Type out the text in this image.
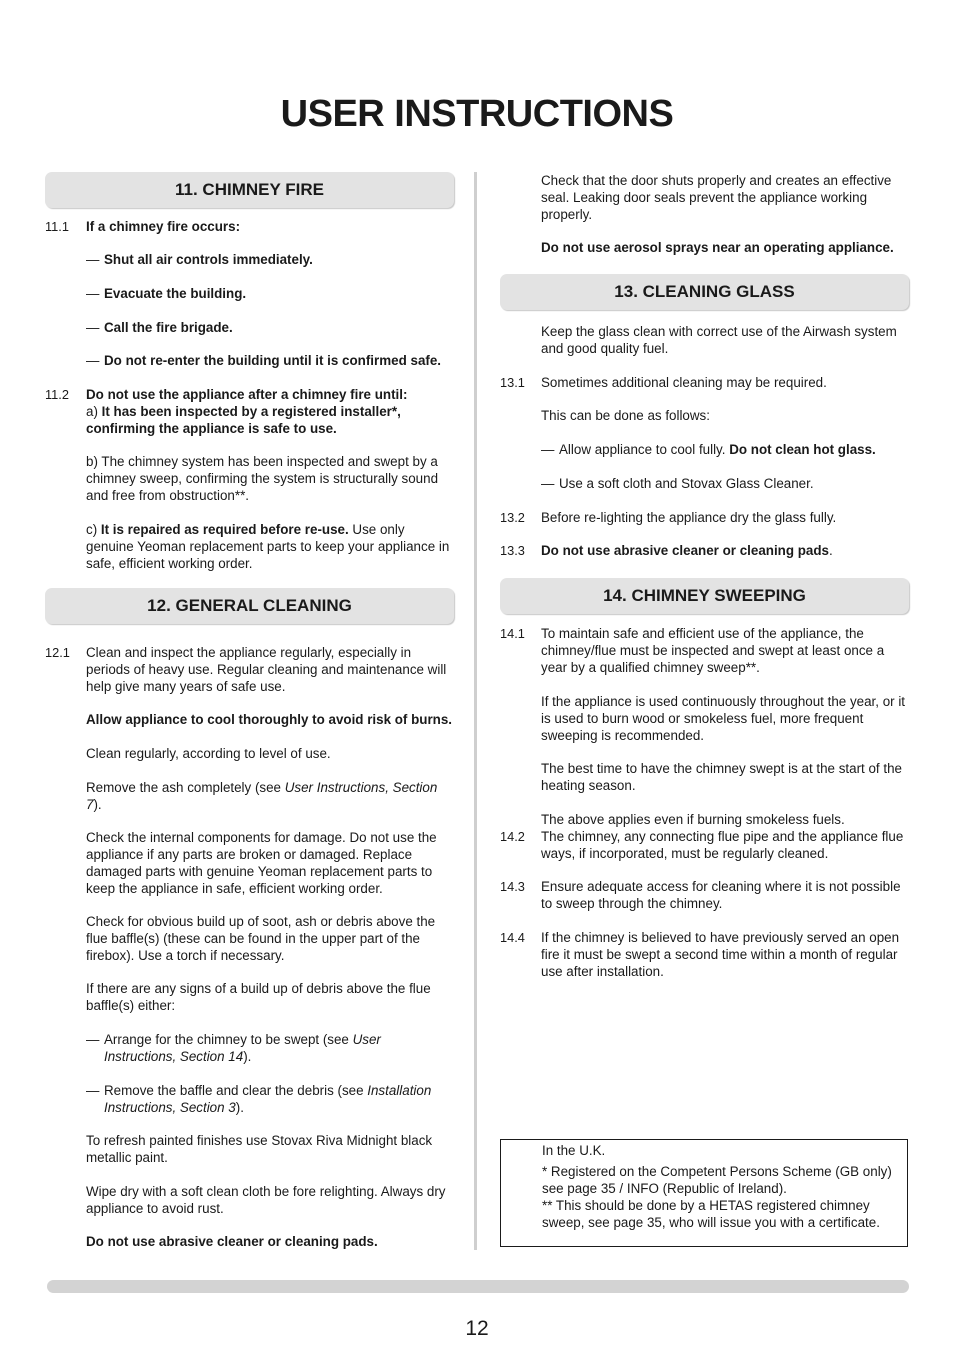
USER INSTRUCTIONS
11. CHIMNEY FIRE
11.1	If a chimney fire occurs:
— Shut all air controls immediately.
— Evacuate the building.
— Call the fire brigade.
— Do not re-enter the building until it is confirmed safe.
11.2	Do not use the appliance after a chimney fire until:
a) It has been inspected by a registered installer*, confirming the appliance is safe to use.
b) The chimney system has been inspected and swept by a chimney sweep, confirming the system is structurally sound and free from obstruction**.
c) It is repaired as required before re-use. Use only genuine Yeoman replacement parts to keep your appliance in safe, efficient working order.
12. GENERAL CLEANING
12.1	Clean and inspect the appliance regularly, especially in periods of heavy use. Regular cleaning and maintenance will help give many years of safe use.
Allow appliance to cool thoroughly to avoid risk of burns.
Clean regularly, according to level of use.
Remove the ash completely (see User Instructions, Section 7).
Check the internal components for damage. Do not use the appliance if any parts are broken or damaged. Replace damaged parts with genuine Yeoman replacement parts to keep the appliance in safe, efficient working order.
Check for obvious build up of soot, ash or debris above the flue baffle(s) (these can be found in the upper part of the firebox). Use a torch if necessary.
If there are any signs of a build up of debris above the flue baffle(s) either:
— Arrange for the chimney to be swept (see User Instructions, Section 14).
— Remove the baffle and clear the debris (see Installation Instructions, Section 3).
To refresh painted finishes use Stovax Riva Midnight black metallic paint.
Wipe dry with a soft clean cloth be fore relighting. Always dry appliance to avoid rust.
Do not use abrasive cleaner or cleaning pads.
Check that the door shuts properly and creates an effective seal. Leaking door seals prevent the appliance working properly.
Do not use aerosol sprays near an operating appliance.
13. CLEANING GLASS
Keep the glass clean with correct use of the Airwash system and good quality fuel.
13.1	Sometimes additional cleaning may be required.
This can be done as follows:
— Allow appliance to cool fully. Do not clean hot glass.
— Use a soft cloth and Stovax Glass Cleaner.
13.2	Before re-lighting the appliance dry the glass fully.
13.3	Do not use abrasive cleaner or cleaning pads.
14. CHIMNEY SWEEPING
14.1	To maintain safe and efficient use of the appliance, the chimney/flue must be inspected and swept at least once a year by a qualified chimney sweep**.
If the appliance is used continuously throughout the year, or it is used to burn wood or smokeless fuel, more frequent sweeping is recommended.
The best time to have the chimney swept is at the start of the heating season.
The above applies even if burning smokeless fuels.
14.2	The chimney, any connecting flue pipe and the appliance flue ways, if incorporated, must be regularly cleaned.
14.3	Ensure adequate access for cleaning where it is not possible to sweep through the chimney.
14.4	If the chimney is believed to have previously served an open fire it must be swept a second time within a month of regular use after installation.
In the U.K.
* Registered on the Competent Persons Scheme (GB only) see page 35 / INFO (Republic of Ireland).
** This should be done by a HETAS registered chimney sweep, see page 35, who will issue you with a certificate.
12
